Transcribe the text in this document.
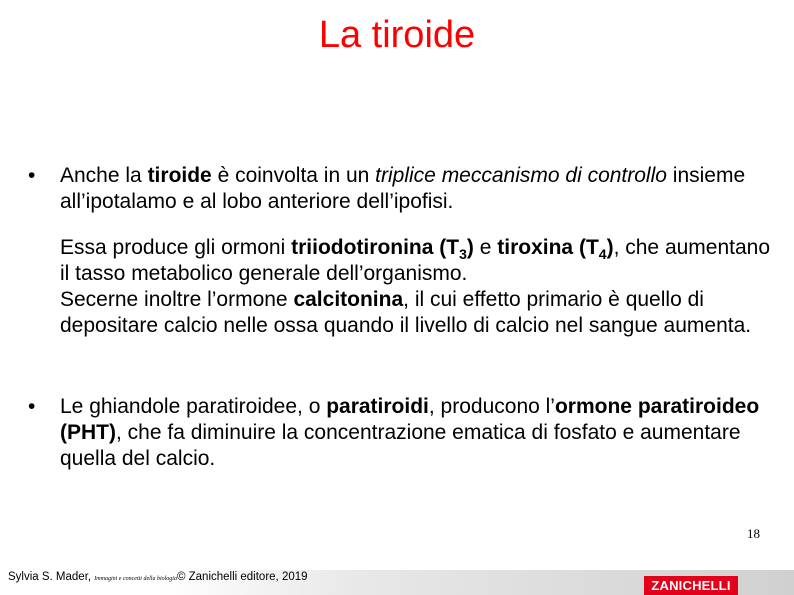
La tiroide
• Anche la tiroide è coinvolta in un triplice meccanismo di controllo insieme all’ipotalamo e al lobo anteriore dell’ipofisi.

Essa produce gli ormoni triiodotironina $(T_3)$ e tiroxina $(T_4)$, che aumentano il tasso metabolico generale dell’organismo.

Secerne inoltre l’ormone calcitonina, il cui effetto primario è quello di depositare calcio nelle ossa quando il livello di calcio nel sangue aumenta.

• Le ghiandole paratiroidee, o paratiroidi, producono l’ormone paratiroideo (PHT), che fa diminuire la concentrazione ematica di fosfato e aumentare quella del calcio.

18
Sylvia S. Mader, Immagini e concetti della biologia© Zanichelli editore, 2019
ZANICHELLI
